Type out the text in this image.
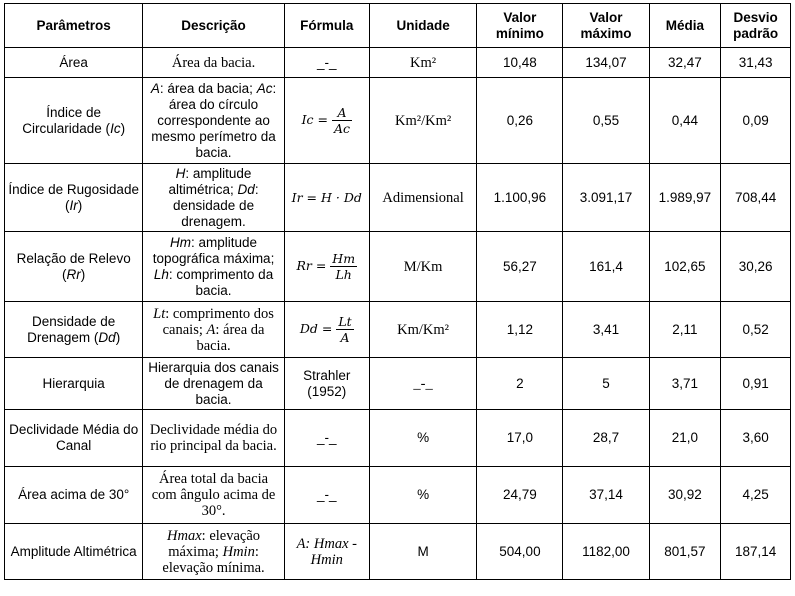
Parâmetros	Descrição	Fórmula	Unidade	Valor mínimo	Valor máximo	Média	Desvio padrão
Área	Área da bacia.	_-_	Km²	10,48	134,07	32,47	31,43
Índice de Circularidade (Ic)	A: área da bacia; Ac: área do círculo correspondente ao mesmo perímetro da bacia.	$Ic = \frac{A}{Ac}$	Km²/Km²	0,26	0,55	0,44	0,09
Índice de Rugosidade (Ir)	H: amplitude altimétrica; Dd: densidade de drenagem.	Ir = H · Dd	Adimensional	1.100,96	3.091,17	1.989,97	708,44
Relação de Relevo (Rr)	Hm: amplitude topográfica máxima; Lh: comprimento da bacia.	$Rr = \frac{Hm}{Lh}$	M/Km	56,27	161,4	102,65	30,26
Densidade de Drenagem (Dd)	Lt: comprimento dos canais; A: área da bacia.	$Dd = \frac{Lt}{A}$	Km/Km²	1,12	3,41	2,11	0,52
Hierarquia	Hierarquia dos canais de drenagem da bacia.	Strahler (1952)	_-_	2	5	3,71	0,91
Declividade Média do Canal	Declividade média do rio principal da bacia.	_-_	%	17,0	28,7	21,0	3,60
Área acima de 30°	Área total da bacia com ângulo acima de 30°.	_-_	%	24,79	37,14	30,92	4,25
Amplitude Altimétrica	Hmax: elevação máxima; Hmin: elevação mínima.	A: Hmax - Hmin	M	504,00	1182,00	801,57	187,14
